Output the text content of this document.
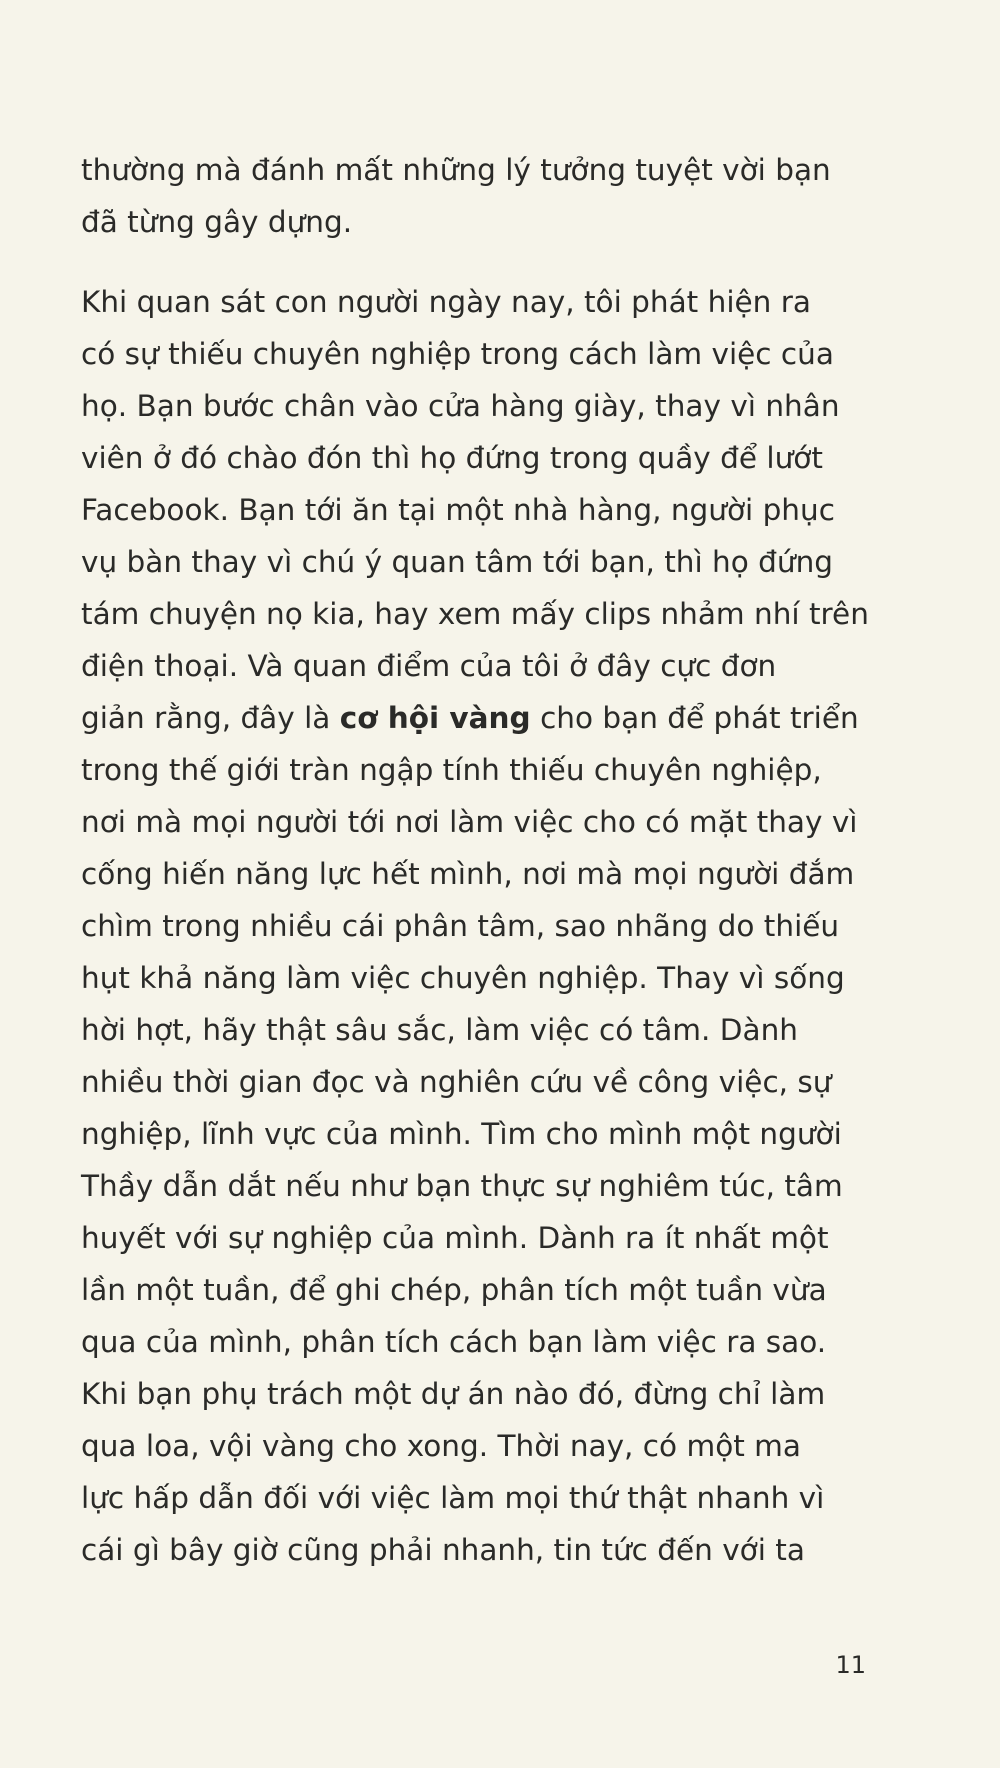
thường mà đánh mất những lý tưởng tuyệt vời bạn
đã từng gây dựng.
Khi quan sát con người ngày nay, tôi phát hiện ra
có sự thiếu chuyên nghiệp trong cách làm việc của
họ. Bạn bước chân vào cửa hàng giày, thay vì nhân
viên ở đó chào đón thì họ đứng trong quầy để lướt
Facebook. Bạn tới ăn tại một nhà hàng, người phục
vụ bàn thay vì chú ý quan tâm tới bạn, thì họ đứng
tám chuyện nọ kia, hay xem mấy clips nhảm nhí trên
điện thoại. Và quan điểm của tôi ở đây cực đơn
giản rằng, đây là cơ hội vàng cho bạn để phát triển
trong thế giới tràn ngập tính thiếu chuyên nghiệp,
nơi mà mọi người tới nơi làm việc cho có mặt thay vì
cống hiến năng lực hết mình, nơi mà mọi người đắm
chìm trong nhiều cái phân tâm, sao nhãng do thiếu
hụt khả năng làm việc chuyên nghiệp. Thay vì sống
hời hợt, hãy thật sâu sắc, làm việc có tâm. Dành
nhiều thời gian đọc và nghiên cứu về công việc, sự
nghiệp, lĩnh vực của mình. Tìm cho mình một người
Thầy dẫn dắt nếu như bạn thực sự nghiêm túc, tâm
huyết với sự nghiệp của mình. Dành ra ít nhất một
lần một tuần, để ghi chép, phân tích một tuần vừa
qua của mình, phân tích cách bạn làm việc ra sao.
Khi bạn phụ trách một dự án nào đó, đừng chỉ làm
qua loa, vội vàng cho xong. Thời nay, có một ma
lực hấp dẫn đối với việc làm mọi thứ thật nhanh vì
cái gì bây giờ cũng phải nhanh, tin tức đến với ta
11
